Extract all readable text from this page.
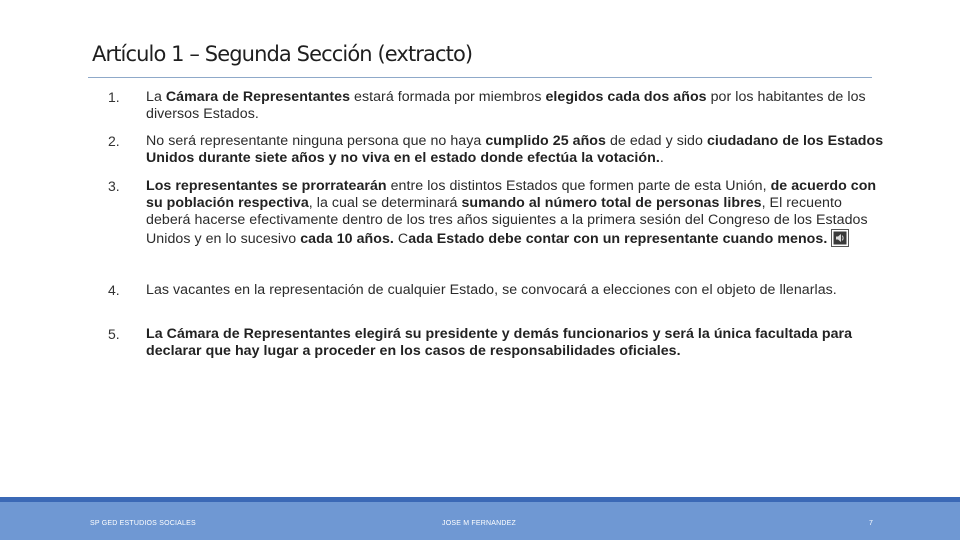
Artículo 1 – Segunda Sección (extracto)
1. La Cámara de Representantes estará formada por miembros elegidos cada dos años por los habitantes de los diversos Estados.
2. No será representante ninguna persona que no haya cumplido 25 años de edad y sido ciudadano de los Estados Unidos durante siete años y no viva en el estado donde efectúa la votación..
3. Los representantes se prorratearán entre los distintos Estados que formen parte de esta Unión, de acuerdo con su población respectiva, la cual se determinará sumando al número total de personas libres, El recuento deberá hacerse efectivamente dentro de los tres años siguientes a la primera sesión del Congreso de los Estados Unidos y en lo sucesivo cada 10 años. Cada Estado debe contar con un representante cuando menos.
4. Las vacantes en la representación de cualquier Estado, se convocará a elecciones con el objeto de llenarlas.
5. La Cámara de Representantes elegirá su presidente y demás funcionarios y será la única facultada para declarar que hay lugar a proceder en los casos de responsabilidades oficiales.
SP GED ESTUDIOS SOCIALES	JOSE M FERNANDEZ	7
